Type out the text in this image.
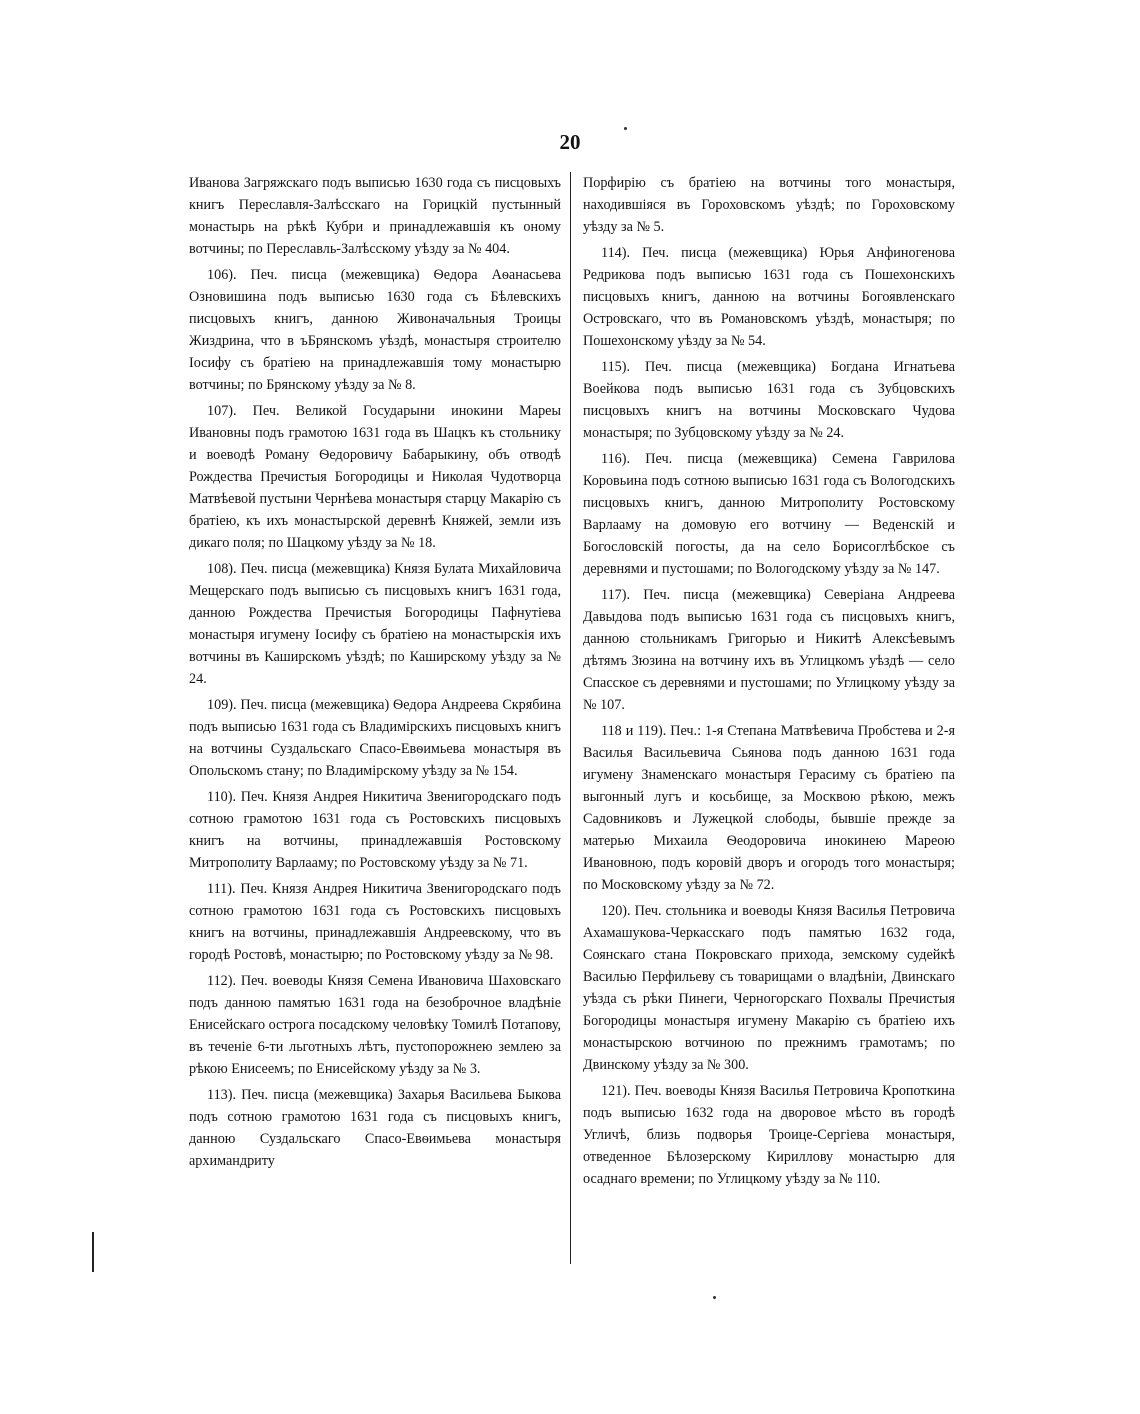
20

Иванова Загряжскаго подъ выписью 1630 года съ писцовыхъ книгъ Переславля-Залѣсскаго на Горицкій пустынный монастырь на рѣкѣ Кубри и принадлежавшія къ оному вотчины; по Переславль-Залѣсскому уѣзду за № 404.

106). Печ. писца (межевщика) Ѳедора Аѳанасьева Озновишина подъ выписью 1630 года съ Бѣлевскихъ писцовыхъ книгъ, данною Живоначальныя Троицы Жиздрина, что в ъБрянскомъ уѣздѣ, монастыря строителю Іосифу съ братіею на принадлежавшія тому монастырю вотчины; по Брянскому уѣзду за № 8.

107). Печ. Великой Государыни инокини Мареы Ивановны подъ грамотою 1631 года въ Шацкъ къ стольнику и воеводѣ Роману Ѳедоровичу Бабарыкину, объ отводѣ Рождества Пречистыя Богородицы и Николая Чудотворца Матвѣевой пустыни Чернѣева монастыря старцу Макарію съ братіею, къ ихъ монастырской деревнѣ Княжей, земли изъ дикаго поля; по Шацкому уѣзду за № 18.

108). Печ. писца (межевщика) Князя Булата Михайловича Мещерскаго подъ выписью съ писцовыхъ книгъ 1631 года, данною Рождества Пречистыя Богородицы Пафнутіева монастыря игумену Іосифу съ братіею на монастырскія ихъ вотчины въ Каширскомъ уѣздѣ; по Каширскому уѣзду за № 24.

109). Печ. писца (межевщика) Ѳедора Андреева Скрябина подъ выписью 1631 года съ Владимірскихъ писцовыхъ книгъ на вотчины Суздальскаго Спасо-Евѳимьева монастыря въ Опольскомъ стану; по Владимірскому уѣзду за № 154.

110). Печ. Князя Андрея Никитича Звенигородскаго подъ сотною грамотою 1631 года съ Ростовскихъ писцовыхъ книгъ на вотчины, принадлежавшія Ростовскому Митрополиту Варлааму; по Ростовскому уѣзду за № 71.

111). Печ. Князя Андрея Никитича Звенигородскаго подъ сотною грамотою 1631 года съ Ростовскихъ писцовыхъ книгъ на вотчины, принадлежавшія Андреевскому, что въ городѣ Ростовѣ, монастырю; по Ростовскому уѣзду за № 98.

112). Печ. воеводы Князя Семена Ивановича Шаховскаго подъ данною памятью 1631 года на безоброчное владѣніе Енисейскаго острога посадскому человѣку Томилѣ Потапову, въ теченіе 6-ти льготныхъ лѣтъ, пустопорожнею землею за рѣкою Енисеемъ; по Енисейскому уѣзду за № 3.

113). Печ. писца (межевщика) Захарья Васильева Быкова подъ сотною грамотою 1631 года съ писцовыхъ книгъ, данною Суздальскаго Спасо-Евѳимьева монастыря архимандриту

Порфирію съ братіею на вотчины того монастыря, находившіяся въ Гороховскомъ уѣздѣ; по Гороховскому уѣзду за № 5.

114). Печ. писца (межевщика) Юрья Анфиногенова Редрикова подъ выписью 1631 года съ Пошехонскихъ писцовыхъ книгъ, данною на вотчины Богоявленскаго Островскаго, что въ Романовскомъ уѣздѣ, монастыря; по Пошехонскому уѣзду за № 54.

115). Печ. писца (межевщика) Богдана Игнатьева Воейкова подъ выписью 1631 года съ Зубцовскихъ писцовыхъ книгъ на вотчины Московскаго Чудова монастыря; по Зубцовскому уѣзду за № 24.

116). Печ. писца (межевщика) Семена Гаврилова Коровьина подъ сотною выписью 1631 года съ Вологодскихъ писцовыхъ книгъ, данною Митрополиту Ростовскому Варлааму на домовую его вотчину — Веденскій и Богословскій погосты, да на село Борисоглѣбское съ деревнями и пустошами; по Вологодскому уѣзду за № 147.

117). Печ. писца (межевщика) Северіана Андреева Давыдова подъ выписью 1631 года съ писцовыхъ книгъ, данною стольникамъ Григорью и Никитѣ Алексѣевымъ дѣтямъ Зюзина на вотчину ихъ въ Углицкомъ уѣздѣ — село Спасское съ деревнями и пустошами; по Углицкому уѣзду за № 107.

118 и 119). Печ.: 1-я Степана Матвѣевича Пробстева и 2-я Василья Васильевича Сьянова подъ данною 1631 года игумену Знаменскаго монастыря Герасиму съ братіею па выгонный лугъ и косьбище, за Москвою рѣкою, межъ Садовниковъ и Лужецкой слободы, бывшіе прежде за матерью Михаила Ѳеодоровича инокинею Мареою Ивановною, подъ коровій дворъ и огородъ того монастыря; по Московскому уѣзду за № 72.

120). Печ. стольника и воеводы Князя Василья Петровича Ахамашукова-Черкасскаго подъ памятью 1632 года, Соянскаго стана Покровскаго прихода, земскому судейкѣ Василью Перфильеву съ товарищами о владѣніи, Двинскаго уѣзда съ рѣки Пинеги, Черногорскаго Похвалы Пречистыя Богородицы монастыря игумену Макарію съ братіею ихъ монастырскою вотчиною по прежнимъ грамотамъ; по Двинскому уѣзду за № 300.

121). Печ. воеводы Князя Василья Петровича Кропоткина подъ выписью 1632 года на дворовое мѣсто въ городѣ Угличѣ, близь подворья Троице-Сергіева монастыря, отведенное Бѣлозерскому Кириллову монастырю для осаднаго времени; по Углицкому уѣзду за № 110.
